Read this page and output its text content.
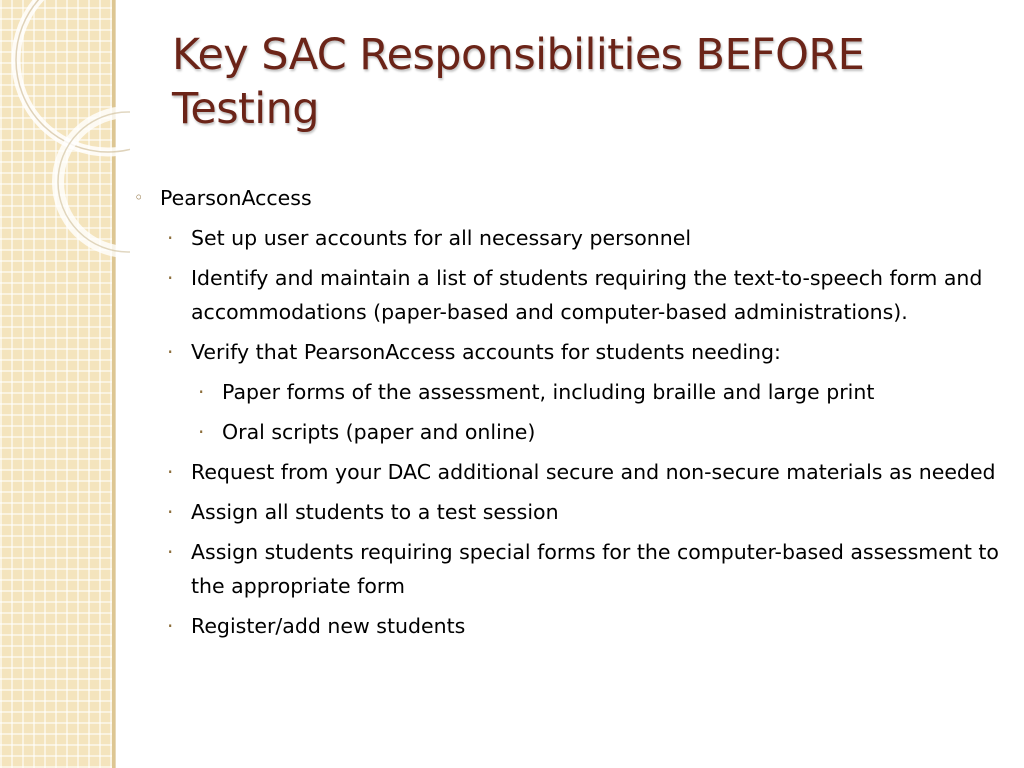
Key SAC Responsibilities BEFORE Testing
◦ PearsonAccess
· Set up user accounts for all necessary personnel
· Identify and maintain a list of students requiring the text-to-speech form and accommodations (paper-based and computer-based administrations).
· Verify that PearsonAccess accounts for students needing:
· Paper forms of the assessment, including braille and large print
· Oral scripts (paper and online)
· Request from your DAC additional secure and non-secure materials as needed
· Assign all students to a test session
· Assign students requiring special forms for the computer-based assessment to the appropriate form
· Register/add new students
